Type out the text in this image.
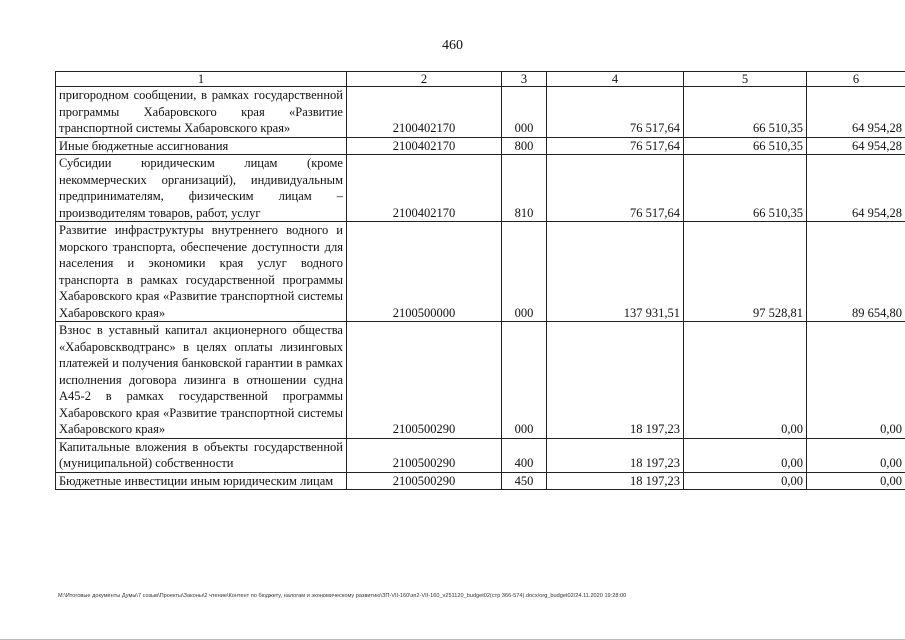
460
1	2	3	4	5	6
пригородном сообщении, в рамках государственной программы Хабаровского края «Развитие транспортной системы Хабаровского края»	2100402170	000	76 517,64	66 510,35	64 954,28
Иные бюджетные ассигнования	2100402170	800	76 517,64	66 510,35	64 954,28
Субсидии юридическим лицам (кроме некоммерческих организаций), индивидуальным предпринимателям, физическим лицам – производителям товаров, работ, услуг	2100402170	810	76 517,64	66 510,35	64 954,28
Развитие инфраструктуры внутреннего водного и морского транспорта, обеспечение доступности для населения и экономики края услуг водного транспорта в рамках государственной программы Хабаровского края «Развитие транспортной системы Хабаровского края»	2100500000	000	137 931,51	97 528,81	89 654,80
Взнос в уставный капитал акционерного общества «Хабаровскводтранс» в целях оплаты лизинговых платежей и получения банковской гарантии в рамках исполнения договора лизинга в отношении судна А45-2 в рамках государственной программы Хабаровского края «Развитие транспортной системы Хабаровского края»	2100500290	000	18 197,23	0,00	0,00
Капитальные вложения в объекты государственной (муниципальной) собственности	2100500290	400	18 197,23	0,00	0,00
Бюджетные инвестиции иным юридическим лицам	2100500290	450	18 197,23	0,00	0,00
M:\Итоговые документы Думы\7 созыв\Проекты\Законы\2 чтение\Контент по бюджету, налогам и экономическому развитию\ЗП-VII-160\зп2-VII-160_v251120_budget02(стр 366-574).docx/org_budget02/24.11.2020 19:28:00
